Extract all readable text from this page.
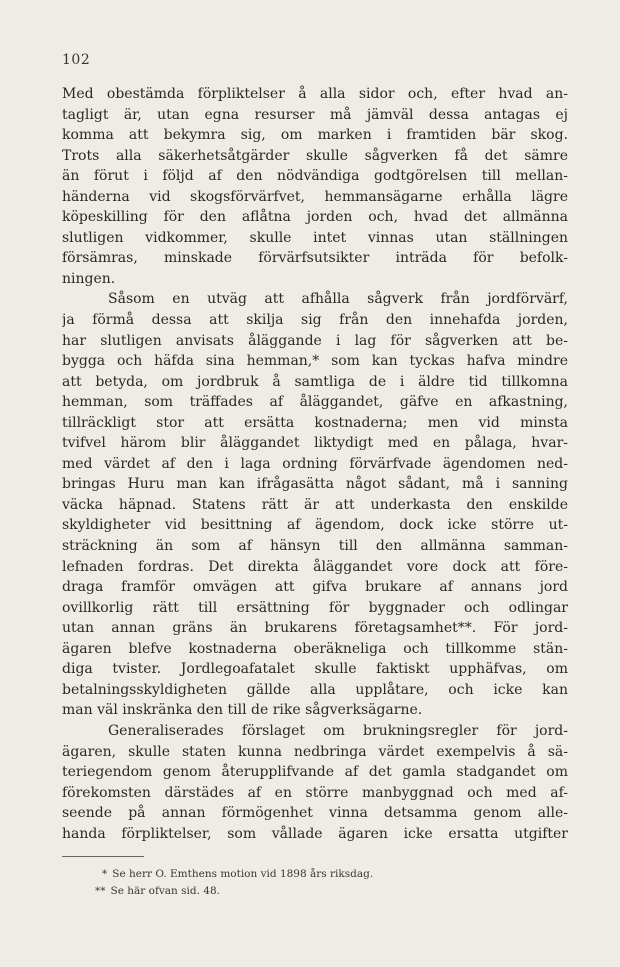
102
Med obestämda förpliktelser å alla sidor och, efter hvad an-
tagligt är, utan egna resurser må jämväl dessa antagas ej
komma att bekymra sig, om marken i framtiden bär skog.
Trots alla säkerhetsåtgärder skulle sågverken få det sämre
än förut i följd af den nödvändiga godtgörelsen till mellan-
händerna vid skogsförvärfvet, hemmansägarne erhålla lägre
köpeskilling för den aflåtna jorden och, hvad det allmänna
slutligen vidkommer, skulle intet vinnas utan ställningen
försämras, minskade förvärfsutsikter inträda för befolk-
ningen.
Såsom en utväg att afhålla sågverk från jordförvärf,
ja förmå dessa att skilja sig från den innehafda jorden,
har slutligen anvisats åläggande i lag för sågverken att be-
bygga och häfda sina hemman,* som kan tyckas hafva mindre
att betyda, om jordbruk å samtliga de i äldre tid tillkomna
hemman, som träffades af åläggandet, gäfve en afkastning,
tillräckligt stor att ersätta kostnaderna; men vid minsta
tvifvel härom blir åläggandet liktydigt med en pålaga, hvar-
med värdet af den i laga ordning förvärfvade ägendomen ned-
bringas Huru man kan ifrågasätta något sådant, må i sanning
väcka häpnad. Statens rätt är att underkasta den enskilde
skyldigheter vid besittning af ägendom, dock icke större ut-
sträckning än som af hänsyn till den allmänna samman-
lefnaden fordras. Det direkta åläggandet vore dock att före-
draga framför omvägen att gifva brukare af annans jord
ovillkorlig rätt till ersättning för byggnader och odlingar
utan annan gräns än brukarens företagsamhet**. För jord-
ägaren blefve kostnaderna oberäkneliga och tillkomme stän-
diga tvister. Jordlegoafatalet skulle faktiskt upphäfvas, om
betalningsskyldigheten gällde alla upplåtare, och icke kan
man väl inskränka den till de rike sågverksägarne.
Generaliserades förslaget om brukningsregler för jord-
ägaren, skulle staten kunna nedbringa värdet exempelvis å sä-
teriegendom genom återupplifvande af det gamla stadgandet om
förekomsten därstädes af en större manbyggnad och med af-
seende på annan förmögenhet vinna detsamma genom alle-
handa förpliktelser, som vållade ägaren icke ersatta utgifter
* Se herr O. Emthens motion vid 1898 års riksdag.
** Se här ofvan sid. 48.
